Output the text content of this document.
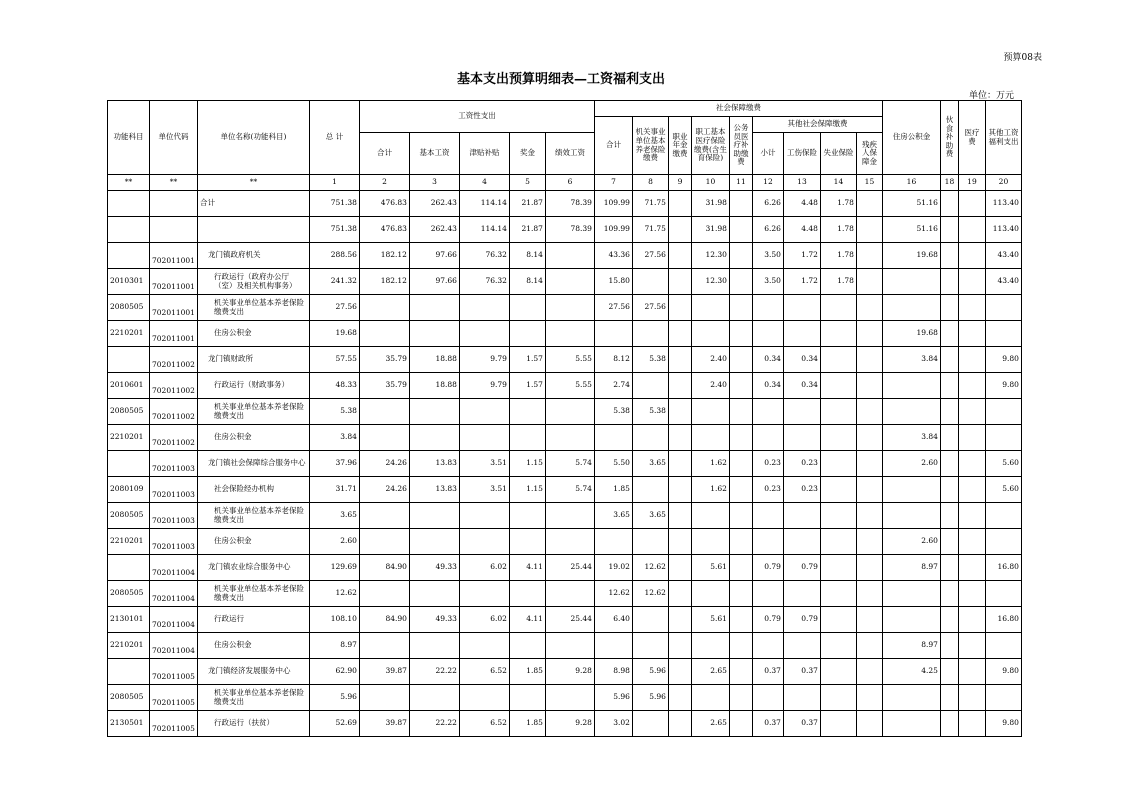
预算08表
基本支出预算明细表—工资福利支出
单位：万元
功能科目	单位代码	单位名称(功能科目)	总 计	工资性支出					社会保障缴费									住房公积金	伙食补助费	医疗费	其他工资福利支出
									合计	机关事业单位基本养老保险缴费	职业年金缴费	职工基本医疗保险缴费(含生育保险)	公务员医疗补助缴费	其他社会保障缴费							
				合计	基本工资	津贴补贴	奖金	绩效工资						小计	工伤保险	失业保险	残疾人保障金				
**	**	**	1	2	3	4	5	6	7	8	9	10	11	12	13	14	15	16	18	19	20
		合计	751.38	476.83	262.43	114.14	21.87	78.39	109.99	71.75		31.98		6.26	4.48	1.78		51.16			113.40
			751.38	476.83	262.43	114.14	21.87	78.39	109.99	71.75		31.98		6.26	4.48	1.78		51.16			113.40
	702011001	龙门镇政府机关	288.56	182.12	97.66	76.32	8.14		43.36	27.56		12.30		3.50	1.72	1.78		19.68			43.40
2010301	702011001	行政运行（政府办公厅（室）及相关机构事务）	241.32	182.12	97.66	76.32	8.14		15.80			12.30		3.50	1.72	1.78					43.40
2080505	702011001	机关事业单位基本养老保险缴费支出	27.56						27.56	27.56											
2210201	702011001	住房公积金	19.68															19.68			
	702011002	龙门镇财政所	57.55	35.79	18.88	9.79	1.57	5.55	8.12	5.38		2.40		0.34	0.34			3.84			9.80
2010601	702011002	行政运行（财政事务）	48.33	35.79	18.88	9.79	1.57	5.55	2.74			2.40		0.34	0.34						9.80
2080505	702011002	机关事业单位基本养老保险缴费支出	5.38						5.38	5.38											
2210201	702011002	住房公积金	3.84															3.84			
	702011003	龙门镇社会保障综合服务中心	37.96	24.26	13.83	3.51	1.15	5.74	5.50	3.65		1.62		0.23	0.23			2.60			5.60
2080109	702011003	社会保险经办机构	31.71	24.26	13.83	3.51	1.15	5.74	1.85			1.62		0.23	0.23						5.60
2080505	702011003	机关事业单位基本养老保险缴费支出	3.65						3.65	3.65											
2210201	702011003	住房公积金	2.60															2.60			
	702011004	龙门镇农业综合服务中心	129.69	84.90	49.33	6.02	4.11	25.44	19.02	12.62		5.61		0.79	0.79			8.97			16.80
2080505	702011004	机关事业单位基本养老保险缴费支出	12.62						12.62	12.62											
2130101	702011004	行政运行	108.10	84.90	49.33	6.02	4.11	25.44	6.40			5.61		0.79	0.79						16.80
2210201	702011004	住房公积金	8.97															8.97			
	702011005	龙门镇经济发展服务中心	62.90	39.87	22.22	6.52	1.85	9.28	8.98	5.96		2.65		0.37	0.37			4.25			9.80
2080505	702011005	机关事业单位基本养老保险缴费支出	5.96						5.96	5.96											
2130501	702011005	行政运行（扶贫）	52.69	39.87	22.22	6.52	1.85	9.28	3.02			2.65		0.37	0.37						9.80
